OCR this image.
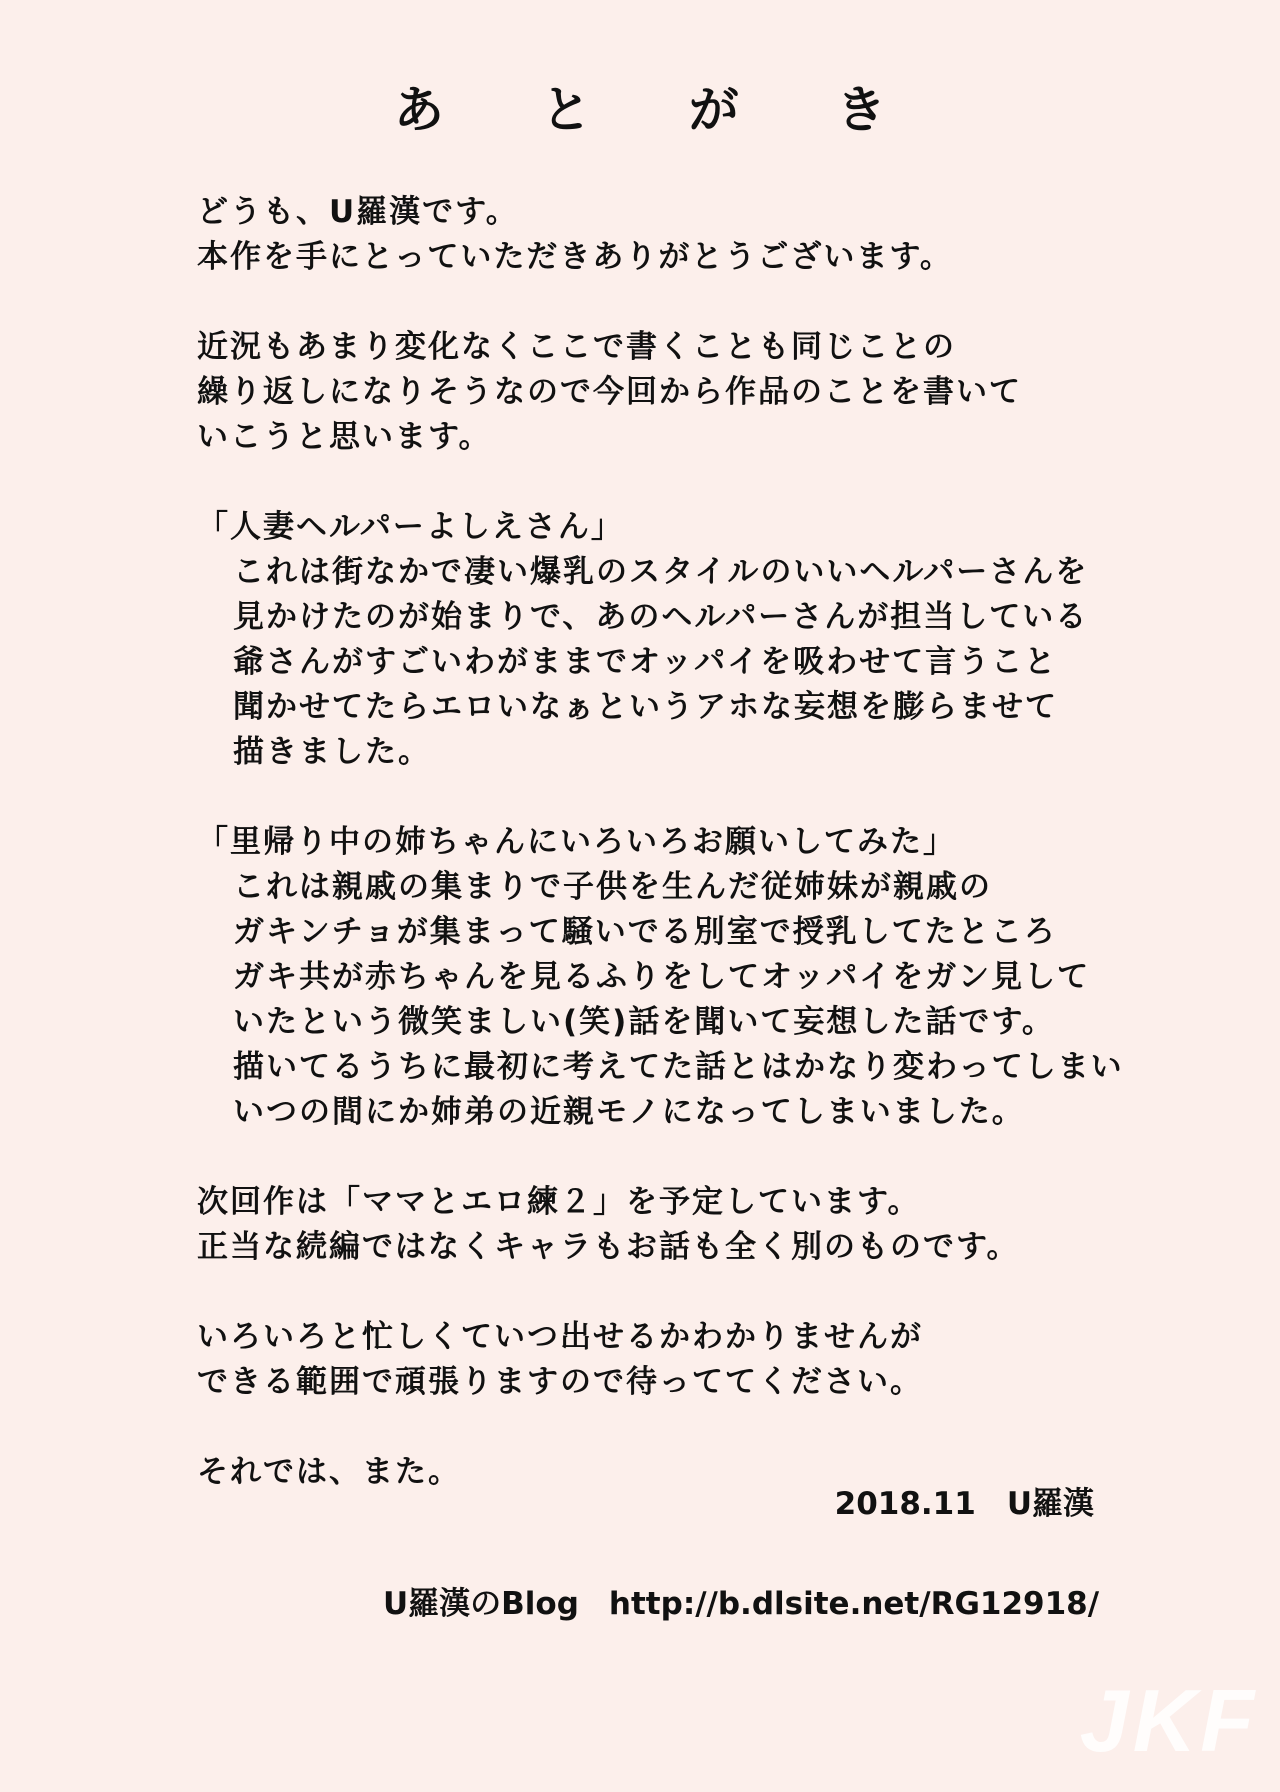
あ と が き
どうも、U羅漢です。
本作を手にとっていただきありがとうございます。
近況もあまり変化なくここで書くことも同じことの
繰り返しになりそうなので今回から作品のことを書いて
いこうと思います。
「人妻ヘルパーよしえさん」
これは街なかで凄い爆乳のスタイルのいいヘルパーさんを
見かけたのが始まりで、あのヘルパーさんが担当している
爺さんがすごいわがままでオッパイを吸わせて言うこと
聞かせてたらエロいなぁというアホな妄想を膨らませて
描きました。
「里帰り中の姉ちゃんにいろいろお願いしてみた」
これは親戚の集まりで子供を生んだ従姉妹が親戚の
ガキンチョが集まって騒いでる別室で授乳してたところ
ガキ共が赤ちゃんを見るふりをしてオッパイをガン見して
いたという微笑ましい(笑)話を聞いて妄想した話です。
描いてるうちに最初に考えてた話とはかなり変わってしまい
いつの間にか姉弟の近親モノになってしまいました。
次回作は「ママとエロ練２」を予定しています。
正当な続編ではなくキャラもお話も全く別のものです。
いろいろと忙しくていつ出せるかわかりませんが
できる範囲で頑張りますので待っててください。
それでは、また。
2018.11　U羅漢
U羅漢のBlog http://b.dlsite.net/RG12918/
JKF
